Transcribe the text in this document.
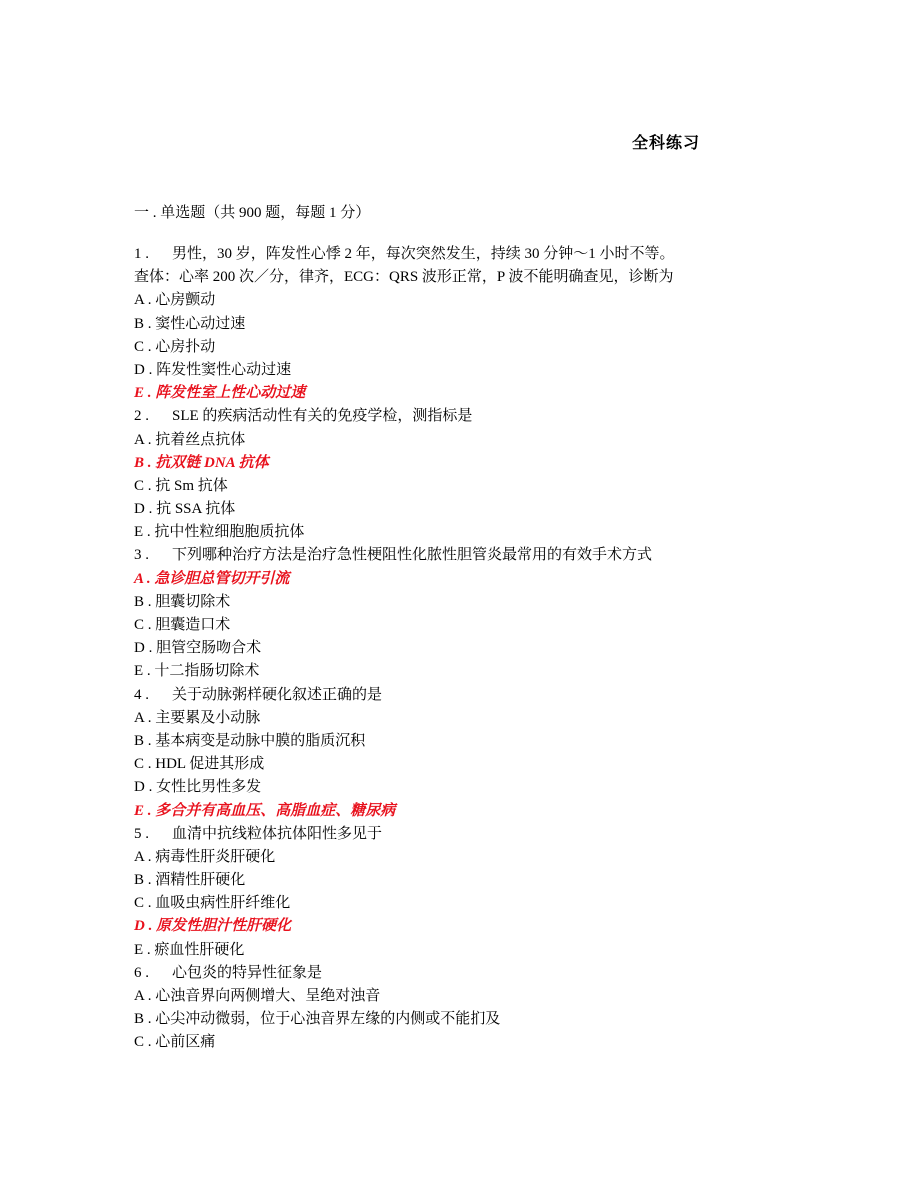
全科练习
一 . 单选题（共 900 题，每题 1 分）
1 . 男性，30 岁，阵发性心悸 2 年，每次突然发生，持续 30 分钟～1 小时不等。
查体：心率 200 次／分，律齐，ECG：QRS 波形正常，P 波不能明确查见，诊断为
A . 心房颤动
B . 窦性心动过速
C . 心房扑动
D . 阵发性窦性心动过速
E . 阵发性室上性心动过速
2 . SLE 的疾病活动性有关的免疫学检，测指标是
A . 抗着丝点抗体
B . 抗双链 DNA 抗体
C . 抗 Sm 抗体
D . 抗 SSA 抗体
E . 抗中性粒细胞胞质抗体
3 . 下列哪种治疗方法是治疗急性梗阻性化脓性胆管炎最常用的有效手术方式
A . 急诊胆总管切开引流
B . 胆囊切除术
C . 胆囊造口术
D . 胆管空肠吻合术
E . 十二指肠切除术
4 . 关于动脉粥样硬化叙述正确的是
A . 主要累及小动脉
B . 基本病变是动脉中膜的脂质沉积
C . HDL 促进其形成
D . 女性比男性多发
E . 多合并有高血压、高脂血症、糖尿病
5 . 血清中抗线粒体抗体阳性多见于
A . 病毒性肝炎肝硬化
B . 酒精性肝硬化
C . 血吸虫病性肝纤维化
D . 原发性胆汁性肝硬化
E . 瘀血性肝硬化
6 . 心包炎的特异性征象是
A . 心浊音界向两侧增大、呈绝对浊音
B . 心尖冲动微弱，位于心浊音界左缘的内侧或不能扪及
C . 心前区痛
